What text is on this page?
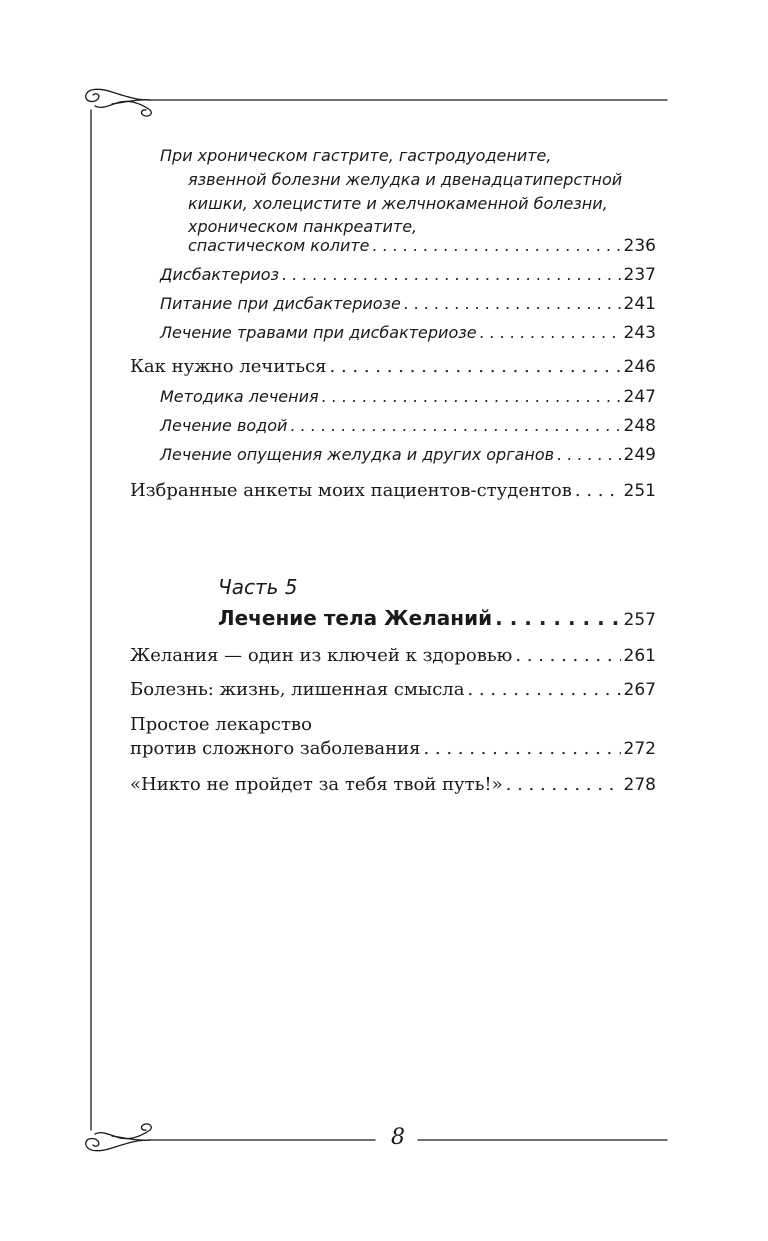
При хроническом гастрите, гастродуодените,
язвенной болезни желудка и двенадцатиперстной
кишки, холецистите и желчнокаменной болезни,
хроническом панкреатите,
спастическом колите . . .	236
Дисбактериоз . . .	237
Питание при дисбактериозе . . .	241
Лечение травами при дисбактериозе . . .	243
Как нужно лечиться . . .	246
Методика лечения . . .	247
Лечение водой . . .	248
Лечение опущения желудка и других органов . . .	249
Избранные анкеты моих пациентов-студентов . . .	251
Часть 5
Лечение тела Желаний . . .	257
Желания — один из ключей к здоровью . . .	261
Болезнь: жизнь, лишенная смысла . . .	267
Простое лекарство
против сложного заболевания . . .	272
«Никто не пройдет за тебя твой путь!» . . .	278
8
